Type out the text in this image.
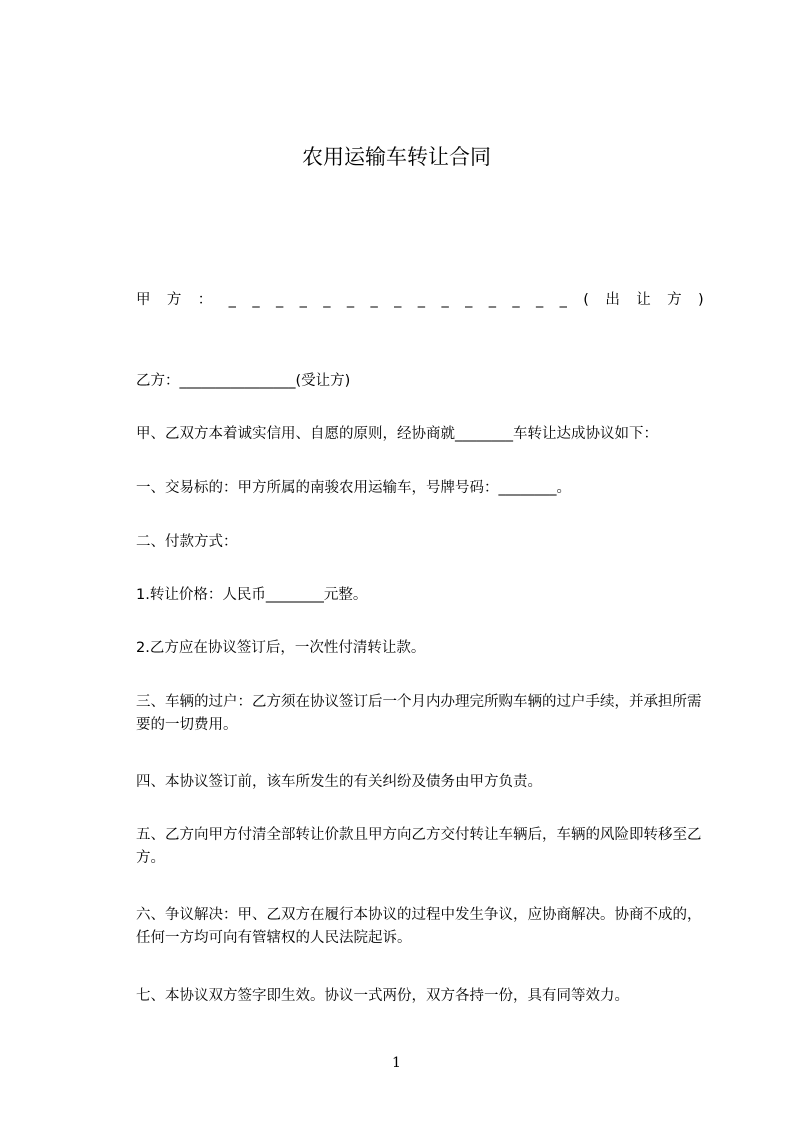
农用运输车转让合同
甲 方 ： _ _ _ _ _ _ _ _ _ _ _ _ _ _ _ ( 出 让 方 )
乙方：________________(受让方)
甲、乙双方本着诚实信用、自愿的原则，经协商就________车转让达成协议如下：
一、交易标的：甲方所属的南骏农用运输车，号牌号码：________。
二、付款方式：
1.转让价格：人民币________元整。
2.乙方应在协议签订后，一次性付清转让款。
三、车辆的过户：乙方须在协议签订后一个月内办理完所购车辆的过户手续，并承担所需要的一切费用。
四、本协议签订前，该车所发生的有关纠纷及债务由甲方负责。
五、乙方向甲方付清全部转让价款且甲方向乙方交付转让车辆后，车辆的风险即转移至乙方。
六、争议解决：甲、乙双方在履行本协议的过程中发生争议，应协商解决。协商不成的，任何一方均可向有管辖权的人民法院起诉。
七、本协议双方签字即生效。协议一式两份，双方各持一份，具有同等效力。
1
